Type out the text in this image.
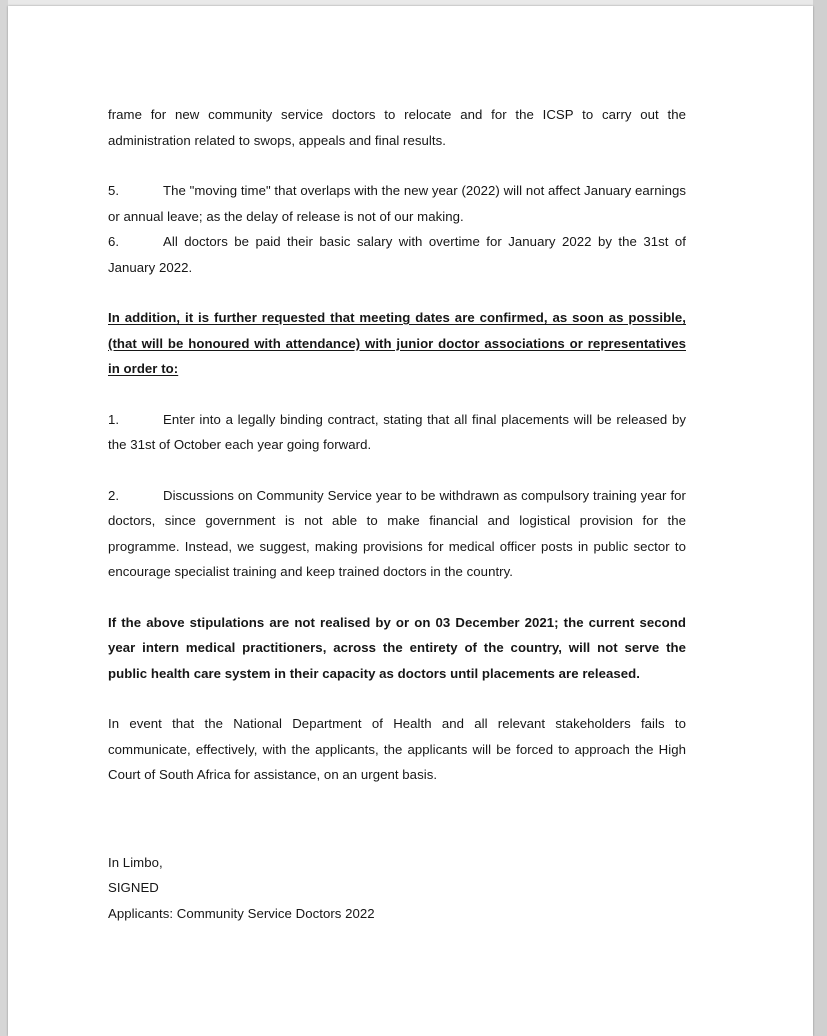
frame for new community service doctors to relocate and for the ICSP to carry out the administration related to swops, appeals and final results.

5.	The "moving time" that overlaps with the new year (2022) will not affect January earnings or annual leave; as the delay of release is not of our making.

6.	All doctors be paid their basic salary with overtime for January 2022 by the 31st of January 2022.

In addition, it is further requested that meeting dates are confirmed, as soon as possible, (that will be honoured with attendance) with junior doctor associations or representatives in order to:

1.	Enter into a legally binding contract, stating that all final placements will be released by the 31st of October each year going forward.

2.	Discussions on Community Service year to be withdrawn as compulsory training year for doctors, since government is not able to make financial and logistical provision for the programme. Instead, we suggest, making provisions for medical officer posts in public sector to encourage specialist training and keep trained doctors in the country.

If the above stipulations are not realised by or on 03 December 2021; the current second year intern medical practitioners, across the entirety of the country, will not serve the public health care system in their capacity as doctors until placements are released.

In event that the National Department of Health and all relevant stakeholders fails to communicate, effectively, with the applicants, the applicants will be forced to approach the High Court of South Africa for assistance, on an urgent basis.

In Limbo,

SIGNED

Applicants: Community Service Doctors 2022
